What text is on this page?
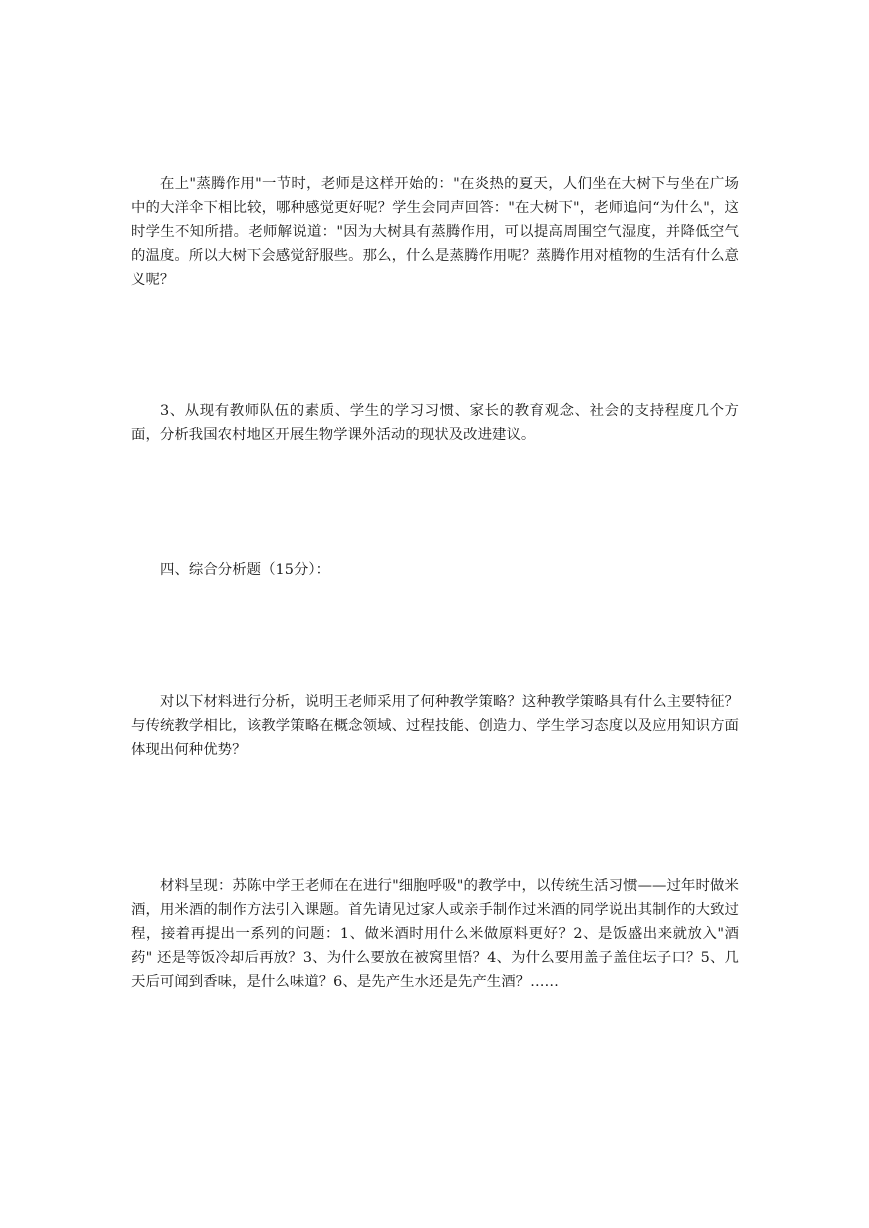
在上"蒸腾作用"一节时，老师是这样开始的："在炎热的夏天，人们坐在大树下与坐在广场中的大洋伞下相比较，哪种感觉更好呢？学生会同声回答："在大树下"，老师追问“为什么"，这时学生不知所措。老师解说道："因为大树具有蒸腾作用，可以提高周围空气湿度，并降低空气的温度。所以大树下会感觉舒服些。那么，什么是蒸腾作用呢？蒸腾作用对植物的生活有什么意义呢？

3、从现有教师队伍的素质、学生的学习习惯、家长的教育观念、社会的支持程度几个方面，分析我国农村地区开展生物学课外活动的现状及改进建议。

四、综合分析题（15分）：

对以下材料进行分析，说明王老师采用了何种教学策略？这种教学策略具有什么主要特征？与传统教学相比，该教学策略在概念领域、过程技能、创造力、学生学习态度以及应用知识方面体现出何种优势？

材料呈现：苏陈中学王老师在在进行"细胞呼吸"的教学中，以传统生活习惯——过年时做米酒，用米酒的制作方法引入课题。首先请见过家人或亲手制作过米酒的同学说出其制作的大致过程，接着再提出一系列的问题：1、做米酒时用什么米做原料更好？2、是饭盛出来就放入"酒药" 还是等饭冷却后再放？3、为什么要放在被窝里悟？4、为什么要用盖子盖住坛子口？5、几天后可闻到香味，是什么味道？6、是先产生水还是先产生酒？……
